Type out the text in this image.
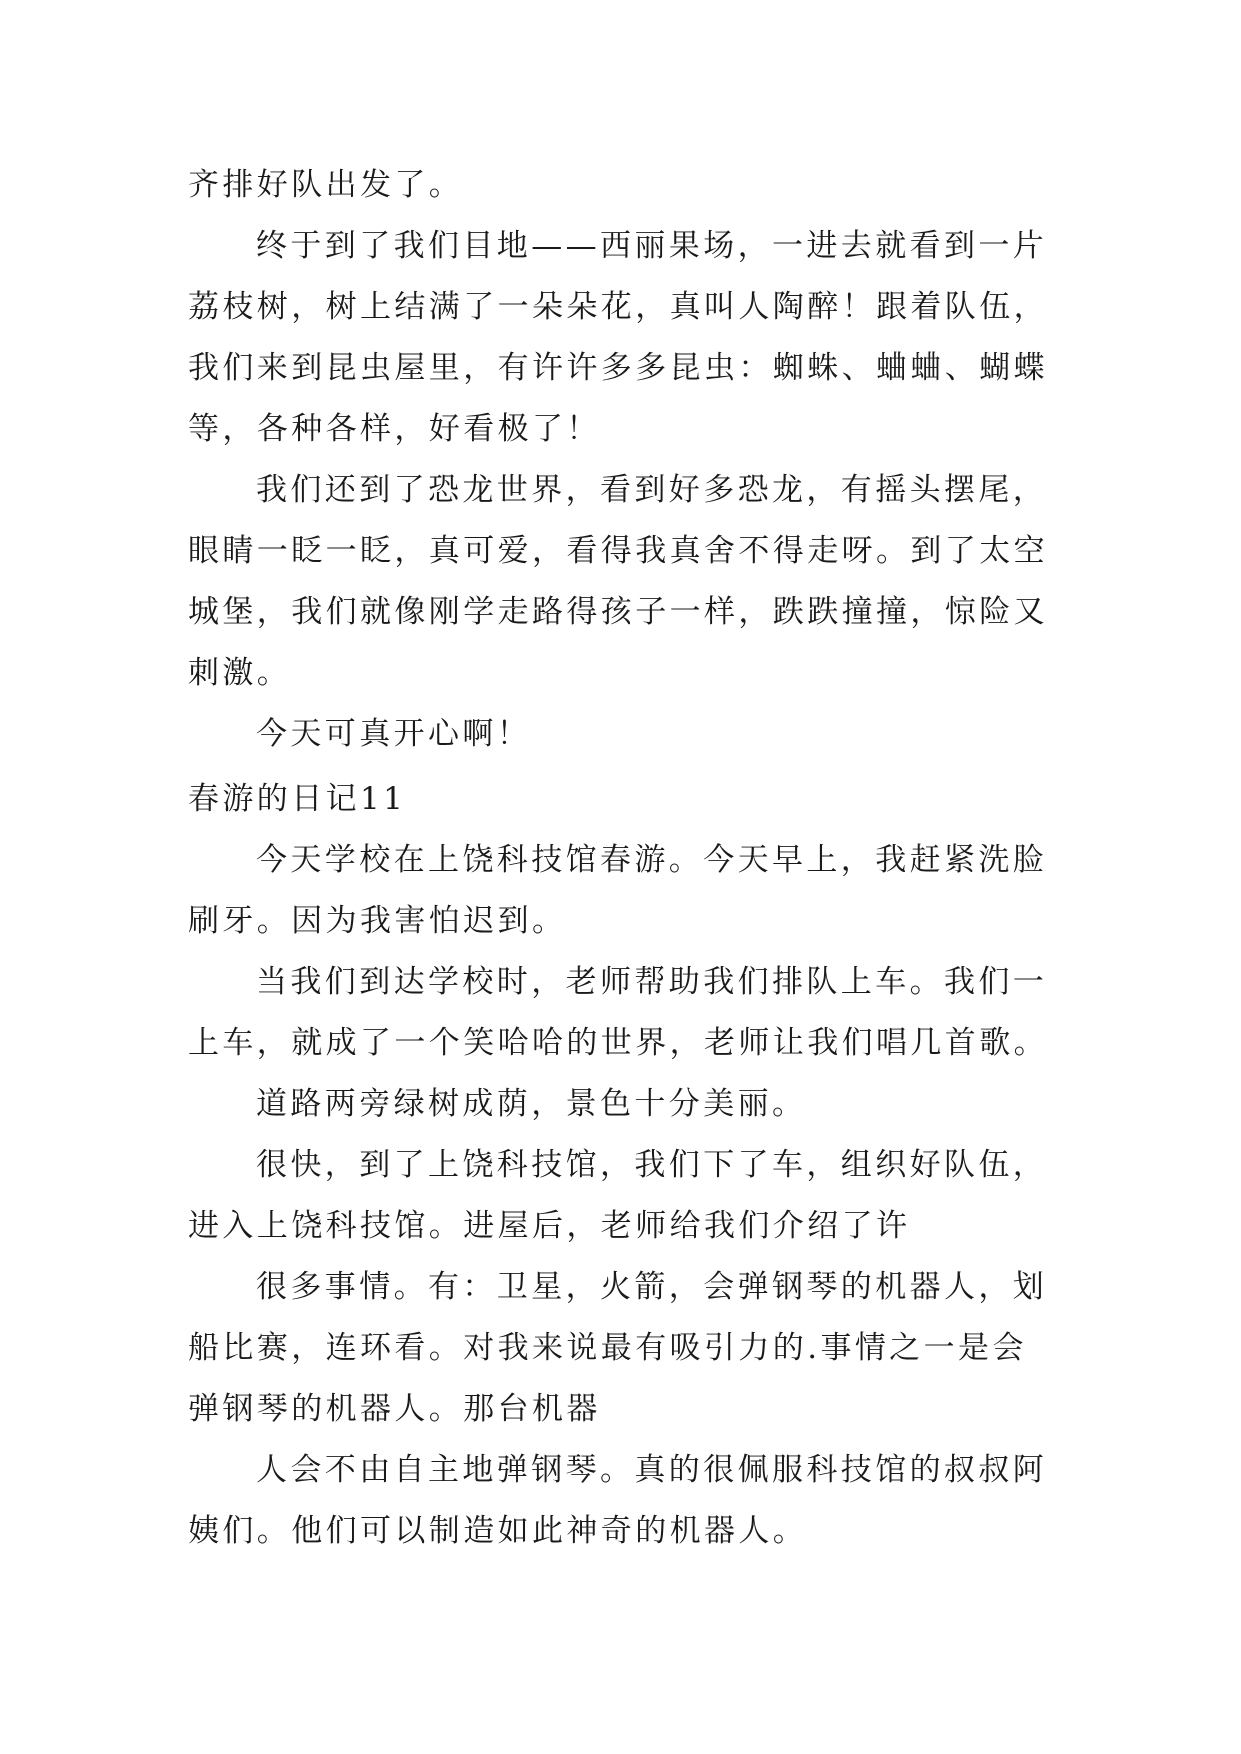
齐排好队出发了。

终于到了我们目地——西丽果场，一进去就看到一片荔枝树，树上结满了一朵朵花，真叫人陶醉！跟着队伍，我们来到昆虫屋里，有许许多多昆虫：蜘蛛、蛐蛐、蝴蝶等，各种各样，好看极了！

我们还到了恐龙世界，看到好多恐龙，有摇头摆尾，眼睛一眨一眨，真可爱，看得我真舍不得走呀。到了太空城堡，我们就像刚学走路得孩子一样，跌跌撞撞，惊险又刺激。

今天可真开心啊！

春游的日记11

今天学校在上饶科技馆春游。今天早上，我赶紧洗脸刷牙。因为我害怕迟到。

当我们到达学校时，老师帮助我们排队上车。我们一上车，就成了一个笑哈哈的世界，老师让我们唱几首歌。

道路两旁绿树成荫，景色十分美丽。

很快，到了上饶科技馆，我们下了车，组织好队伍，进入上饶科技馆。进屋后，老师给我们介绍了许

很多事情。有：卫星，火箭，会弹钢琴的机器人，划船比赛，连环看。对我来说最有吸引力的.事情之一是会弹钢琴的机器人。那台机器

人会不由自主地弹钢琴。真的很佩服科技馆的叔叔阿姨们。他们可以制造如此神奇的机器人。
